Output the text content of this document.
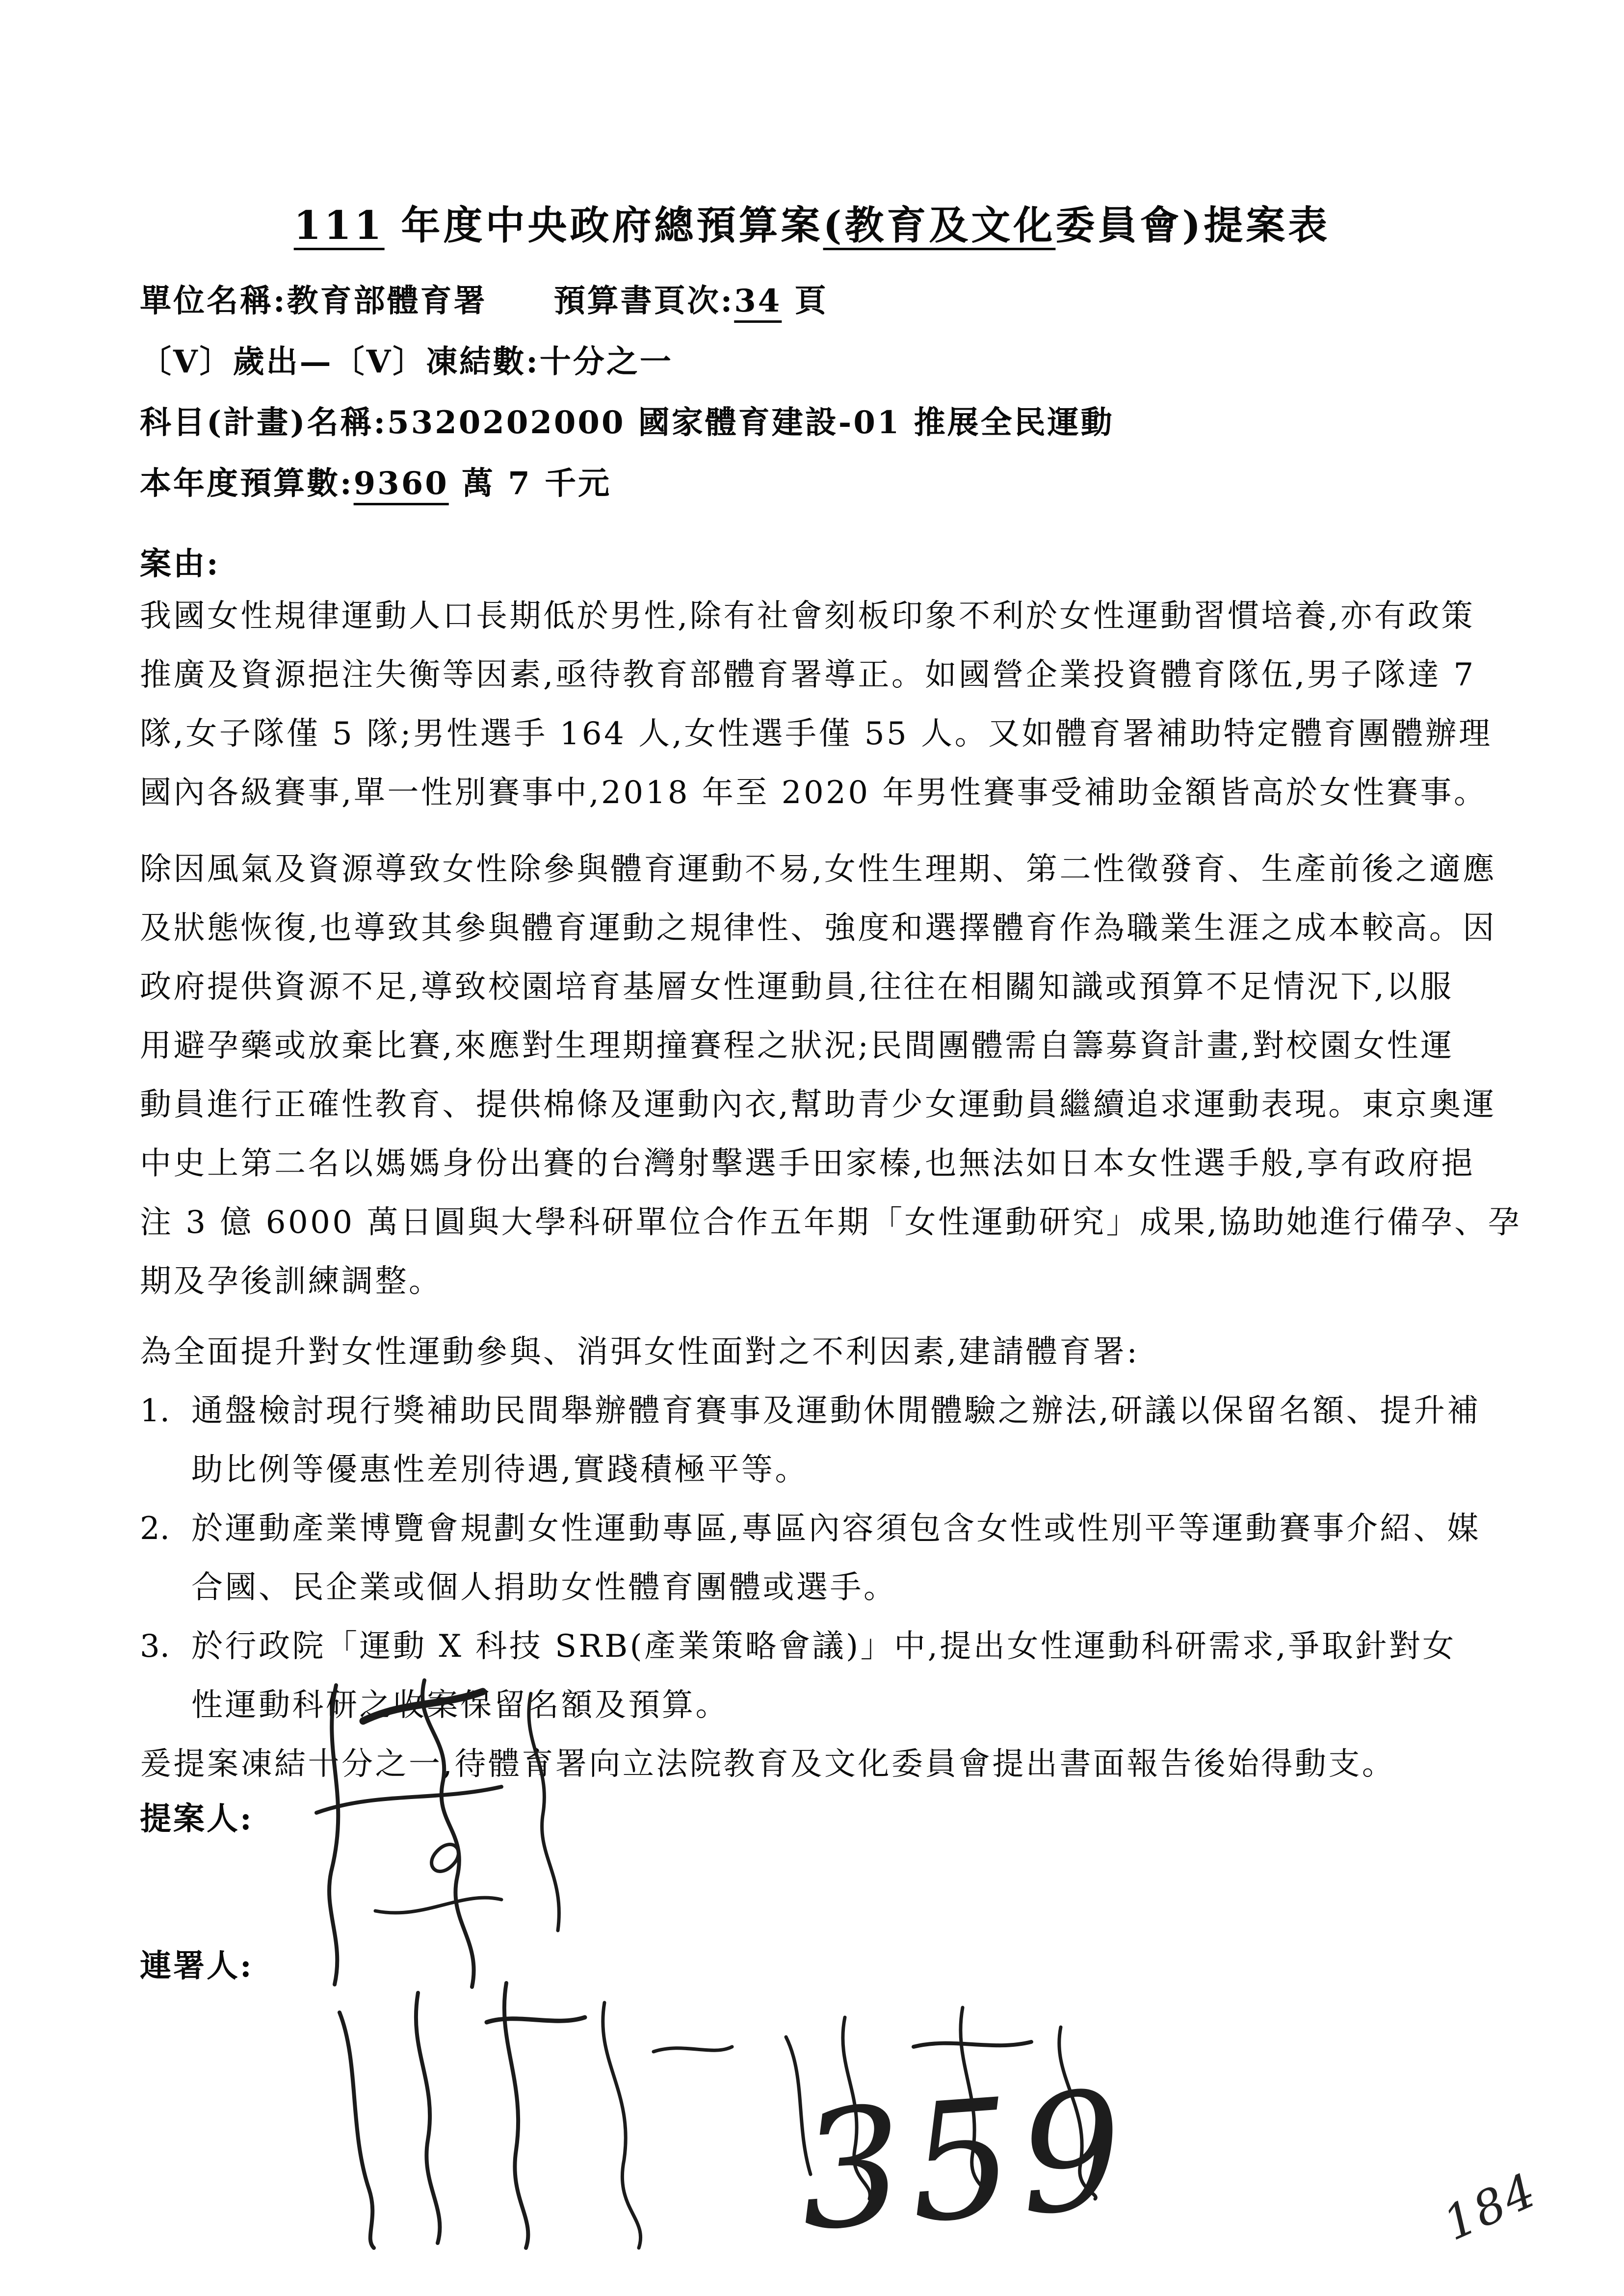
111 年度中央政府總預算案(教育及文化委員會)提案表
單位名稱:教育部體育署　　預算書頁次:34 頁
〔V〕歲出—〔V〕凍結數:十分之一
科目(計畫)名稱:5320202000 國家體育建設-01 推展全民運動
本年度預算數:9360 萬 7 千元
案由:
我國女性規律運動人口長期低於男性,除有社會刻板印象不利於女性運動習慣培養,亦有政策
推廣及資源挹注失衡等因素,亟待教育部體育署導正。如國營企業投資體育隊伍,男子隊達 7
隊,女子隊僅 5 隊;男性選手 164 人,女性選手僅 55 人。又如體育署補助特定體育團體辦理
國內各級賽事,單一性別賽事中,2018 年至 2020 年男性賽事受補助金額皆高於女性賽事。
除因風氣及資源導致女性除參與體育運動不易,女性生理期、第二性徵發育、生產前後之適應
及狀態恢復,也導致其參與體育運動之規律性、強度和選擇體育作為職業生涯之成本較高。因
政府提供資源不足,導致校園培育基層女性運動員,往往在相關知識或預算不足情況下,以服
用避孕藥或放棄比賽,來應對生理期撞賽程之狀況;民間團體需自籌募資計畫,對校園女性運
動員進行正確性教育、提供棉條及運動內衣,幫助青少女運動員繼續追求運動表現。東京奧運
中史上第二名以媽媽身份出賽的台灣射擊選手田家榛,也無法如日本女性選手般,享有政府挹
注 3 億 6000 萬日圓與大學科研單位合作五年期「女性運動研究」成果,協助她進行備孕、孕
期及孕後訓練調整。
為全面提升對女性運動參與、消弭女性面對之不利因素,建請體育署:
1. 通盤檢討現行獎補助民間舉辦體育賽事及運動休閒體驗之辦法,研議以保留名額、提升補
助比例等優惠性差別待遇,實踐積極平等。
2. 於運動產業博覽會規劃女性運動專區,專區內容須包含女性或性別平等運動賽事介紹、媒
合國、民企業或個人捐助女性體育團體或選手。
3. 於行政院「運動 X 科技 SRB(產業策略會議)」中,提出女性運動科研需求,爭取針對女
性運動科研之收案保留名額及預算。
爰提案凍結十分之一,待體育署向立法院教育及文化委員會提出書面報告後始得動支。
提案人:
連署人:
359	184
